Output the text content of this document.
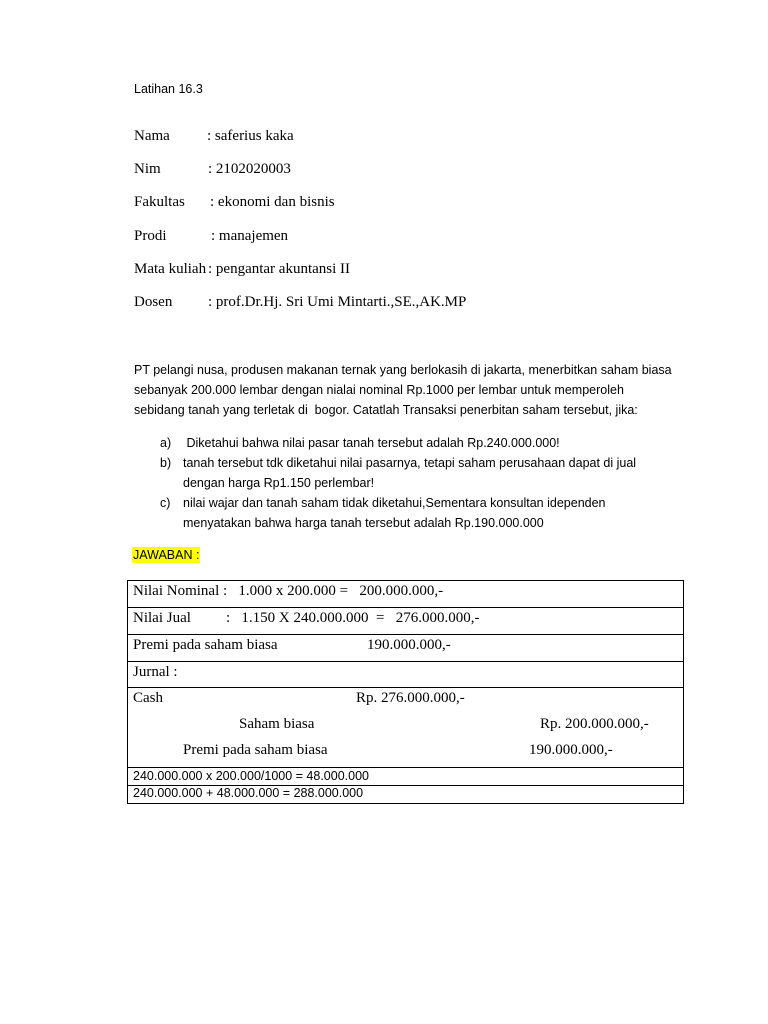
Latihan 16.3

Nama

: saferius kaka

Nim

	: 2102020003

Fakultas

: ekonomi dan bisnis

Prodi

	: manajemen

Mata kuliah

: pengantar akuntansi II

Dosen

: prof.Dr.Hj. Sri Umi Mintarti.,SE.,AK.MP

PT pelangi nusa, produsen makanan ternak yang berlokasih di jakarta, menerbitkan saham biasa
sebanyak 200.000 lembar dengan nialai nominal Rp.1000 per lembar untuk memperoleh
sebidang tanah yang terletak di  bogor. Catatlah Transaksi penerbitan saham tersebut, jika:
a) Diketahui bahwa nilai pasar tanah tersebut adalah Rp.240.000.000!
b) tanah tersebut tdk diketahui nilai pasarnya, tetapi saham perusahaan dapat di jual
dengan harga Rp1.150 perlembar!
c) nilai wajar dan tanah saham tidak diketahui,Sementara konsultan idependen
menyatakan bahwa harga tanah tersebut adalah Rp.190.000.000
JAWABAN :
Nilai Nominal :   1.000 x 200.000 =   200.000.000,-
Nilai Jual :   1.150 X 240.000.000  =   276.000.000,-
Premi pada saham biasa	190.000.000,-
Jurnal :
Cash	Rp. 276.000.000,-
Saham biasa	Rp. 200.000.000,-
Premi pada saham biasa	190.000.000,-
240.000.000 x 200.000/1000 = 48.000.000
240.000.000 + 48.000.000 = 288.000.000
